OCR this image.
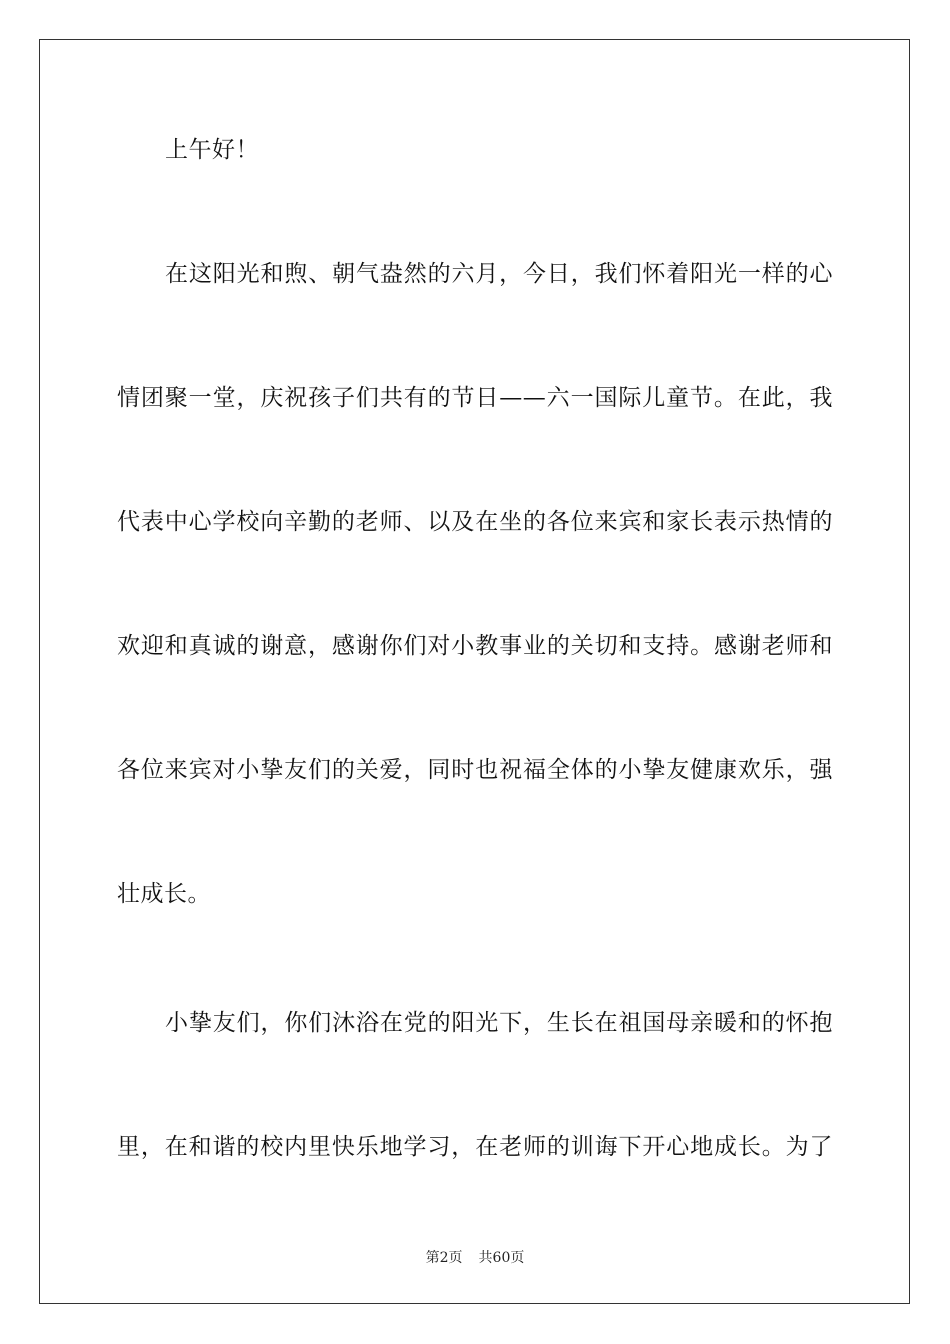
上午好！
在这阳光和煦、朝气盎然的六月，今日，我们怀着阳光一样的心
情团聚一堂，庆祝孩子们共有的节日——六一国际儿童节。在此，我
代表中心学校向辛勤的老师、以及在坐的各位来宾和家长表示热情的
欢迎和真诚的谢意，感谢你们对小教事业的关切和支持。感谢老师和
各位来宾对小挚友们的关爱，同时也祝福全体的小挚友健康欢乐，强
壮成长。
小挚友们，你们沐浴在党的阳光下，生长在祖国母亲暖和的怀抱
里，在和谐的校内里快乐地学习，在老师的训诲下开心地成长。为了
第2页 共60页
